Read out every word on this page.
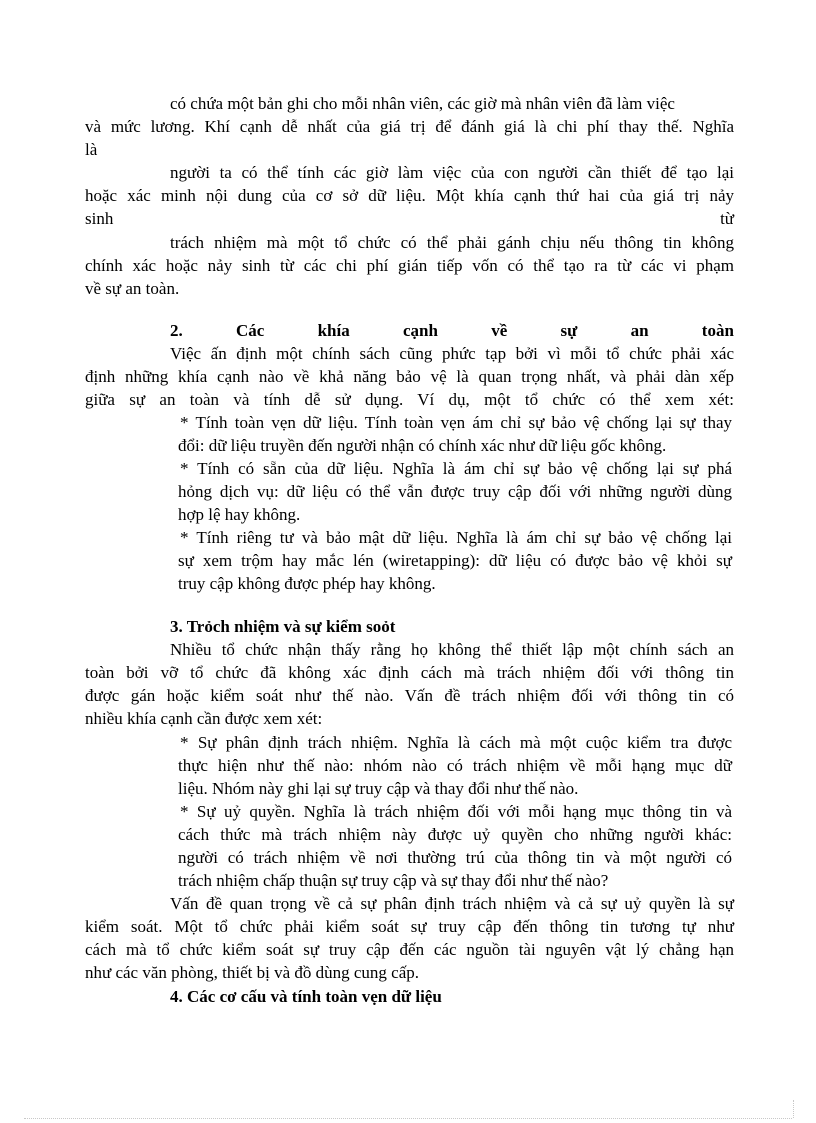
có chứa một bản ghi cho mỗi nhân viên, các giờ mà nhân viên đã làm việc
và mức lương. Khí cạnh dễ nhất của giá trị để đánh giá là chi phí thay thế. Nghĩa
là
người ta có thể tính các giờ làm việc của con người cần thiết để tạo lại
hoặc xác minh nội dung của cơ sở dữ liệu. Một khía cạnh thứ hai của giá trị nảy
sinh	từ
trách nhiệm mà một tổ chức có thể phải gánh chịu nếu thông tin không
chính xác hoặc nảy sinh từ các chi phí gián tiếp vốn có thể tạo ra từ các vi phạm
về sự an toàn.
2.	Các	khía	cạnh	về	sự	an	toàn
Việc ấn định một chính sách cũng phức tạp bởi vì mỗi tổ chức phải xác
định những khía cạnh nào về khả năng bảo vệ là quan trọng nhất, và phải dàn xếp
giữa sự an toàn và tính dễ sử dụng. Ví dụ, một tổ chức có thể xem xét:
* Tính toàn vẹn dữ liệu. Tính toàn vẹn ám chỉ sự bảo vệ chống lại sự thay
đổi: dữ liệu truyền đến người nhận có chính xác như dữ liệu gốc không.
* Tính có sẵn của dữ liệu. Nghĩa là ám chỉ sự bảo vệ chống lại sự phá
hỏng dịch vụ: dữ liệu có thể vẫn được truy cập đối với những người dùng
hợp lệ hay không.
* Tính riêng tư và bảo mật dữ liệu. Nghĩa là ám chỉ sự bảo vệ chống lại
sự xem trộm hay mắc lén (wiretapping): dữ liệu có được bảo vệ khỏi sự
truy cập không được phép hay không.
3. Trỏch nhiệm và sự kiểm soỏt
Nhiều tổ chức nhận thấy rằng họ không thể thiết lập một chính sách an
toàn bởi vỡ tổ chức đã không xác định cách mà trách nhiệm đối với thông tin
được gán hoặc kiểm soát như thế nào. Vấn đề trách nhiệm đối với thông tin có
nhiều khía cạnh cần được xem xét:
* Sự phân định trách nhiệm. Nghĩa là cách mà một cuộc kiểm tra được
thực hiện như thế nào: nhóm nào có trách nhiệm về mỗi hạng mục dữ
liệu. Nhóm này ghi lại sự truy cập và thay đổi như thế nào.
* Sự uỷ quyền. Nghĩa là trách nhiệm đối với mỗi hạng mục thông tin và
cách thức mà trách nhiệm này được uỷ quyền cho những người khác:
người có trách nhiệm về nơi thường trú của thông tin và một người có
trách nhiệm chấp thuận sự truy cập và sự thay đổi như thế nào?
Vấn đề quan trọng về cả sự phân định trách nhiệm và cả sự uỷ quyền là sự
kiểm soát. Một tổ chức phải kiểm soát sự truy cập đến thông tin tương tự như
cách mà tổ chức kiểm soát sự truy cập đến các nguồn tài nguyên vật lý chẳng hạn
như các văn phòng, thiết bị và đồ dùng cung cấp.
4. Các cơ cấu và tính toàn vẹn dữ liệu
